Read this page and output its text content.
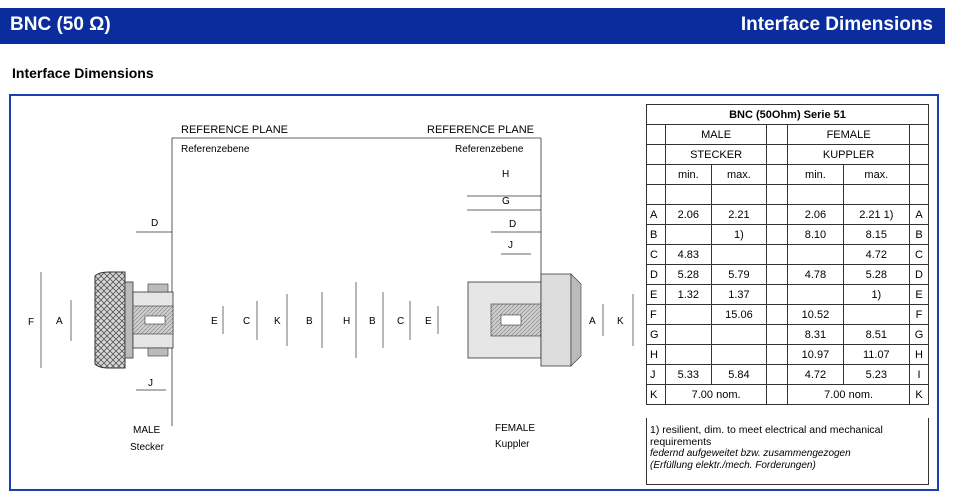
BNC (50 Ω)	Interface Dimensions
Interface Dimensions
REFERENCE PLANE
Referenzebene
F A	E	C K	B
D
J
MALE
Stecker
REFERENCE PLANE
Referenzebene
H
G
D
J
H B C E	A K
FEMALE
Kuppler
BNC (50Ohm) Serie 51						
	MALE			FEMALE		
	STECKER			KUPPLER		
	min.	max.		min.	max.	

A	2.06	2.21		2.06	2.21 1)	A
B		1)		8.10	8.15	B
C	4.83				4.72	C
D	5.28	5.79		4.78	5.28	D
E	1.32	1.37			1)	E
F		15.06		10.52		F
G				8.31	8.51	G
H				10.97	11.07	H
J	5.33	5.84		4.72	5.23	I
K	7.00 nom.			7.00 nom.		K
1) resilient, dim. to meet electrical and mechanical requirements
federnd aufgeweitet bzw. zusammengezogen
(Erfüllung elektr./mech. Forderungen)
